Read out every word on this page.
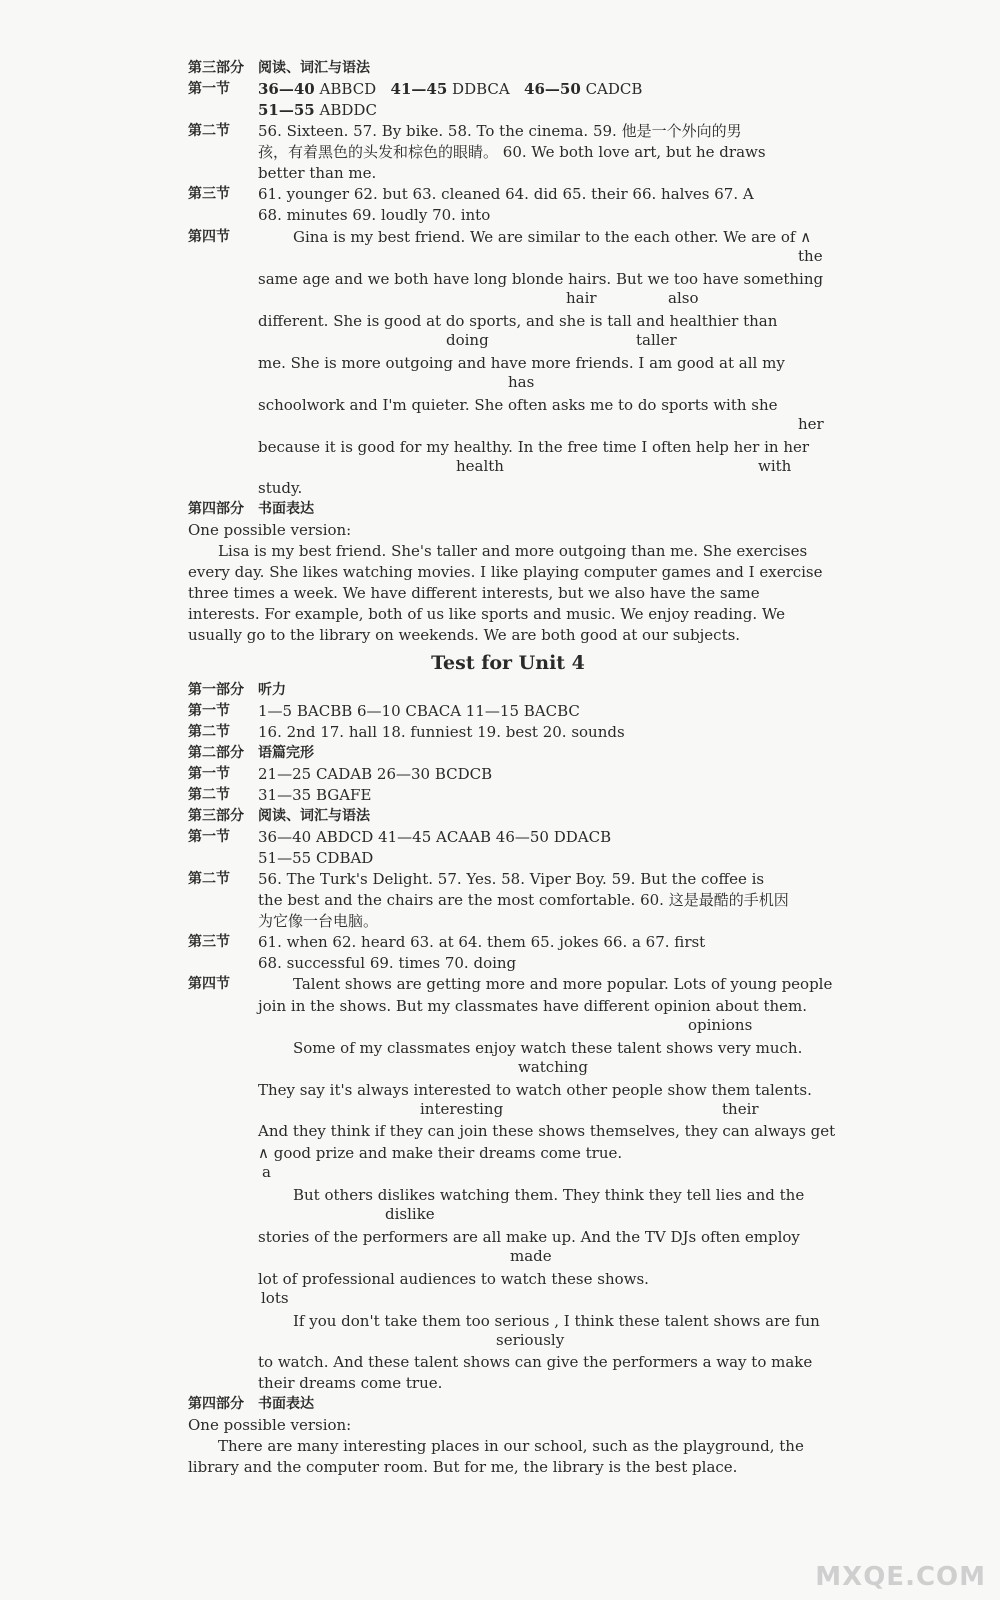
第三部分 阅读、词汇与语法
第一节 36—40 ABBCD 41—45 DDBCA 46—50 CADCB
51—55 ABDDC
第二节 56. Sixteen. 57. By bike. 58. To the cinema. 59. 他是一个外向的男
孩，有着黑色的头发和棕色的眼睛。 60. We both love art, but he draws
better than me.
第三节 61. younger 62. but 63. cleaned 64. did 65. their 66. halves 67. A
68. minutes 69. loudly 70. into
第四节	Gina is my best friend. We are similar to the each other. We are of ∧
the
same age and we both have long blonde hairs. But we too have something
hair	also
different. She is good at do sports, and she is tall and healthier than
doing	taller
me. She is more outgoing and have more friends. I am good at all my
has
schoolwork and I'm quieter. She often asks me to do sports with she
her
because it is good for my healthy. In the free time I often help her in her
health	with
study.
第四部分 书面表达
One possible version:
Lisa is my best friend. She's taller and more outgoing than me. She exercises every day. She likes watching movies. I like playing computer games and I exercise three times a week. We have different interests, but we also have the same interests. For example, both of us like sports and music. We enjoy reading. We usually go to the library on weekends. We are both good at our subjects.
Test for Unit 4
第一部分 听力
第一节 1—5 BACBB 6—10 CBACA 11—15 BACBC
第二节 16. 2nd 17. hall 18. funniest 19. best 20. sounds
第二部分 语篇完形
第一节 21—25 CADAB 26—30 BCDCB
第二节 31—35 BGAFE
第三部分 阅读、词汇与语法
第一节 36—40 ABDCD 41—45 ACAAB 46—50 DDACB
51—55 CDBAD
第二节 56. The Turk's Delight. 57. Yes. 58. Viper Boy. 59. But the coffee is
the best and the chairs are the most comfortable. 60. 这是最酷的手机因
为它像一台电脑。
第三节 61. when 62. heard 63. at 64. them 65. jokes 66. a 67. first
68. successful 69. times 70. doing
第四节	Talent shows are getting more and more popular. Lots of young people
join in the shows. But my classmates have different opinion about them.
opinions
Some of my classmates enjoy watch these talent shows very much.
watching
They say it's always interested to watch other people show them talents.
interesting	their
And they think if they can join these shows themselves, they can always get
∧ good prize and make their dreams come true.
a
But others dislikes watching them. They think they tell lies and the
dislike
stories of the performers are all make up. And the TV DJs often employ
made
lot of professional audiences to watch these shows.
lots
If you don't take them too serious , I think these talent shows are fun
seriously
to watch. And these talent shows can give the performers a way to make
their dreams come true.
第四部分 书面表达
One possible version:
There are many interesting places in our school, such as the playground, the library and the computer room. But for me, the library is the best place.
MXQE.COM
